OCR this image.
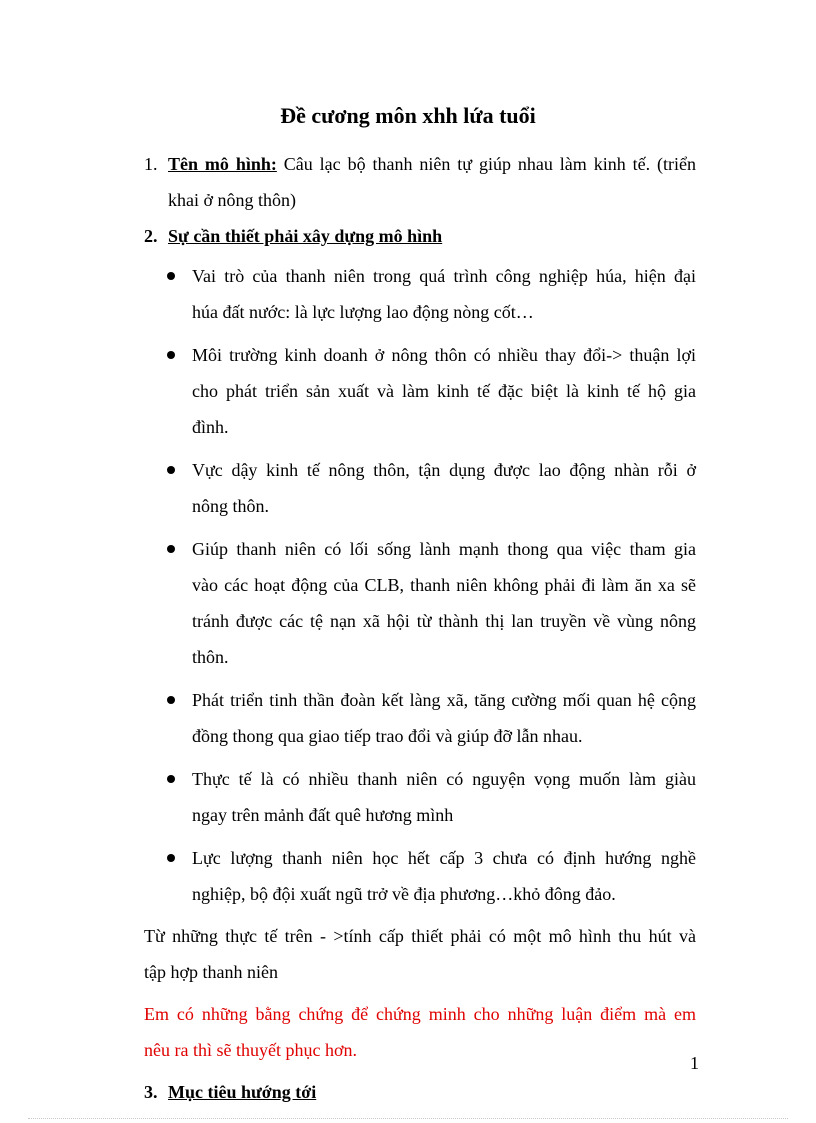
Đề cương môn xhh lứa tuổi
1. Tên mô hình: Câu lạc bộ thanh niên tự giúp nhau làm kinh tế. (triển
khai ở nông thôn)
2. Sự cần thiết phải xây dựng mô hình
Vai trò của thanh niên trong quá trình công nghiệp húa, hiện đại
húa đất nước: là lực lượng lao động nòng cốt…
Môi trường kinh doanh ở nông thôn có nhiều thay đổi-> thuận lợi
cho phát triển sản xuất và làm kinh tế đặc biệt là kinh tế hộ gia
đình.
Vực dậy kinh tế nông thôn, tận dụng được lao động nhàn rỗi ở
nông thôn.
Giúp thanh niên có lối sống lành mạnh thong qua việc tham gia
vào các hoạt động của CLB, thanh niên không phải đi làm ăn xa sẽ
tránh được các tệ nạn xã hội từ thành thị lan truyền về vùng nông
thôn.
Phát triển tinh thần đoàn kết làng xã, tăng cường mối quan hệ cộng
đồng thong qua giao tiếp trao đổi và giúp đỡ lẫn nhau.
Thực tế là có nhiều thanh niên có nguyện vọng muốn làm giàu
ngay trên mảnh đất quê hương mình
Lực lượng thanh niên học hết cấp 3 chưa có định hướng nghề
nghiệp, bộ đội xuất ngũ trở về địa phương…khỏ đông đảo.
Từ những thực tế trên - >tính cấp thiết phải có một mô hình thu hút và
tập hợp thanh niên
Em có những bằng chứng để chứng minh cho những luận điểm mà em
nêu ra thì sẽ thuyết phục hơn.
3. Mục tiêu hướng tới
1
